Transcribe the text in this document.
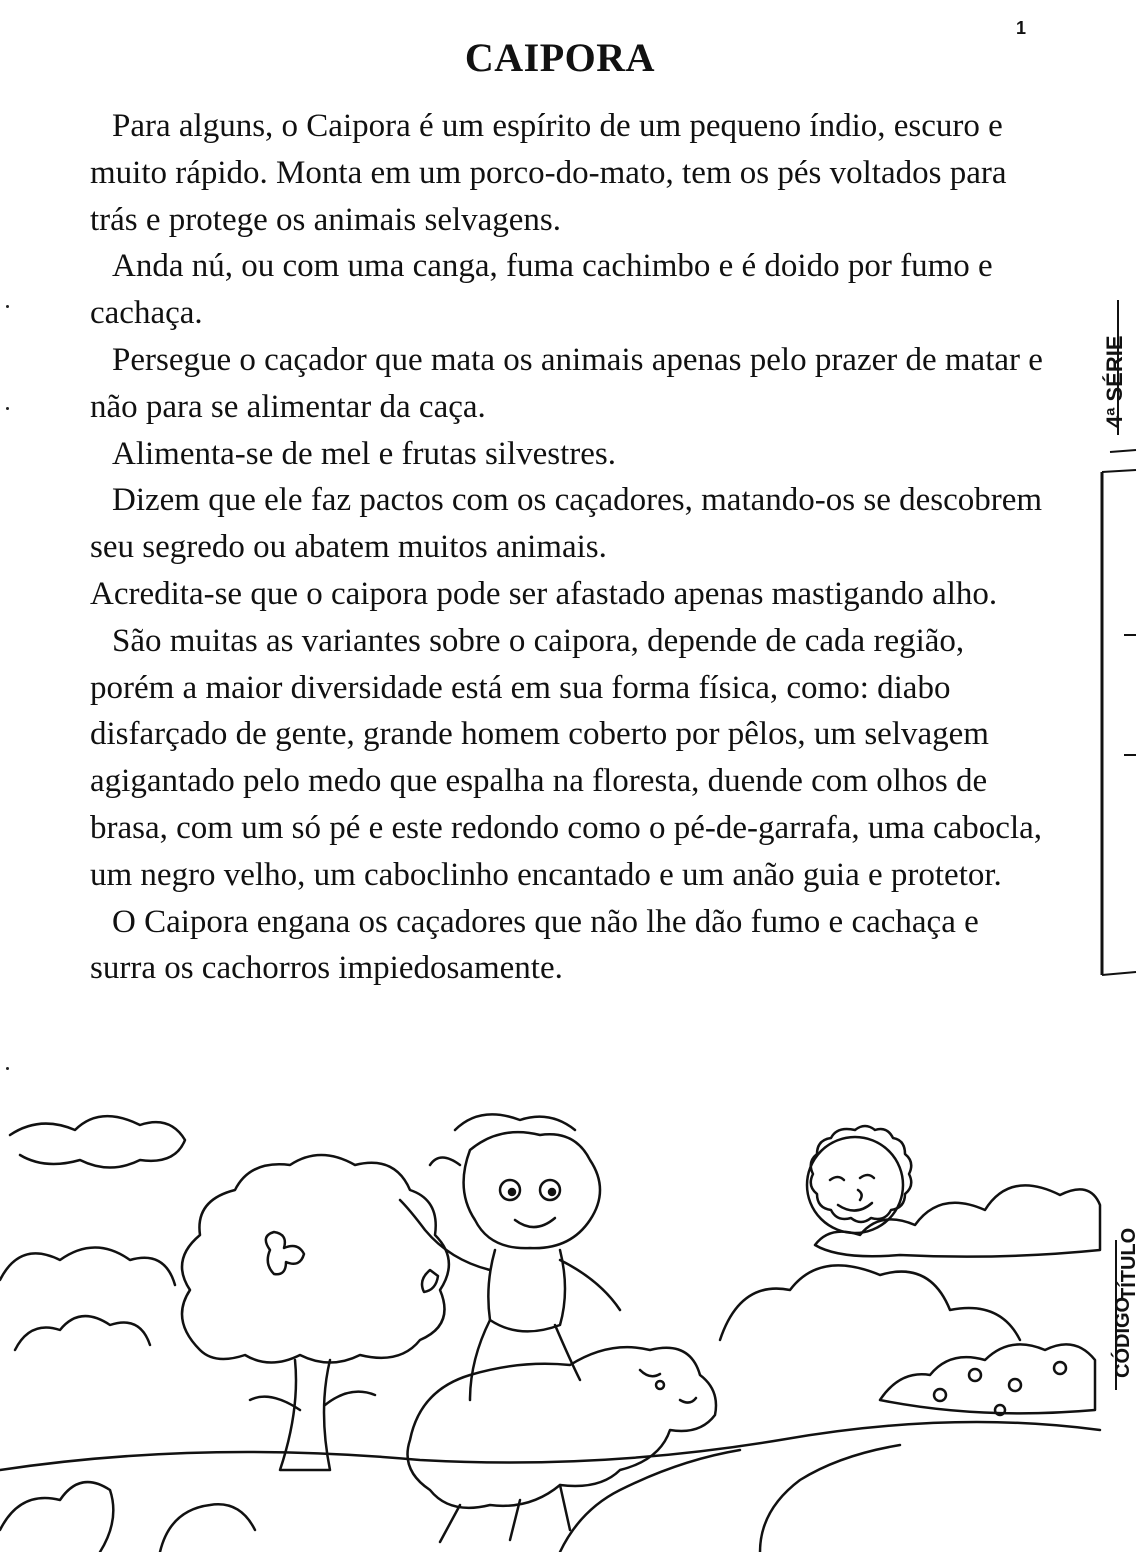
1
CAIPORA

Para alguns, o Caipora é um espírito de um pequeno índio, escuro e muito rápido. Monta em um porco-do-mato, tem os pés voltados para trás e protege os animais selvagens.

Anda nú, ou com uma canga, fuma cachimbo e é doido por fumo e cachaça.

Persegue o caçador que mata os animais apenas pelo prazer de matar e não para se alimentar da caça.

Alimenta-se de mel e frutas silvestres.

Dizem que ele faz pactos com os caçadores, matando-os se descobrem seu segredo ou abatem muitos animais.

Acredita-se que o caipora pode ser afastado apenas mastigando alho.

São muitas as variantes sobre o caipora, depende de cada região, porém a maior diversidade está em sua forma física, como: diabo disfarçado de gente, grande homem coberto por pêlos, um selvagem agigantado pelo medo que espalha na floresta, duende com olhos de brasa, com um só pé e este redondo como o pé-de-garrafa, uma cabocla, um negro velho, um caboclinho encantado e um anão guia e protetor.

O Caipora engana os caçadores que não lhe dão fumo e cachaça e surra os cachorros impiedosamente.

4ª SÉRIE
TÍTULO
CÓDIGO
